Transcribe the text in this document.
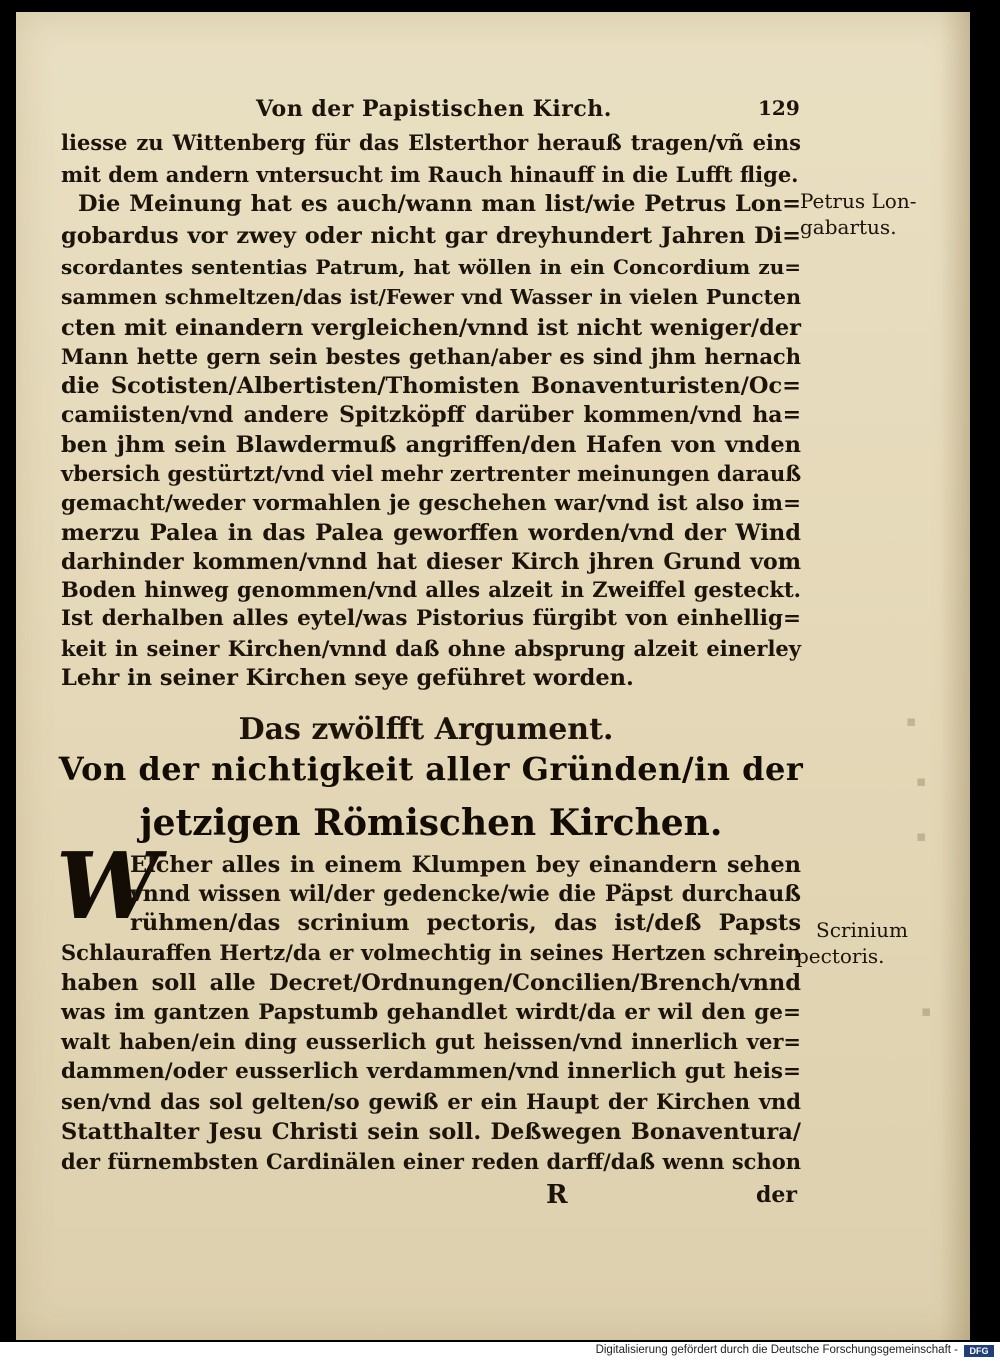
Von der Papistischen Kirch.	129
liesse zu Wittenberg für das Elsterthor herauß tragen/vñ eins
mit dem andern vntersucht im Rauch hinauff in die Lufft flige.
Die Meinung hat es auch/wann man list/wie Petrus Lon=
gobardus vor zwey oder nicht gar dreyhundert Jahren Di=
scordantes sententias Patrum, hat wöllen in ein Concordium zu=
sammen schmeltzen/das ist/Fewer vnd Wasser in vielen Puncten
cten mit einandern vergleichen/vnnd ist nicht weniger/der
Mann hette gern sein bestes gethan/aber es sind jhm hernach
die Scotisten/Albertisten/Thomisten Bonaventuristen/Oc=
camiisten/vnd andere Spitzköpff darüber kommen/vnd ha=
ben jhm sein Blawdermuß angriffen/den Hafen von vnden
vbersich gestürtzt/vnd viel mehr zertrenter meinungen darauß
gemacht/weder vormahlen je geschehen war/vnd ist also im=
merzu Palea in das Palea geworffen worden/vnd der Wind
darhinder kommen/vnnd hat dieser Kirch jhren Grund vom
Boden hinweg genommen/vnd alles alzeit in Zweiffel gesteckt.
Ist derhalben alles eytel/was Pistorius fürgibt von einhellig=
keit in seiner Kirchen/vnnd daß ohne absprung alzeit einerley
Lehr in seiner Kirchen seye geführet worden.
Das zwölfft Argument.
Von der nichtigkeit aller Gründen/in der
jetzigen Römischen Kirchen.
W
Elcher alles in einem Klumpen bey einandern sehen
vnnd wissen wil/der gedencke/wie die Päpst durchauß
rühmen/das scrinium pectoris, das ist/deß Papsts
Schlauraffen Hertz/da er volmechtig in seines Hertzen schrein
haben soll alle Decret/Ordnungen/Concilien/Brench/vnnd
was im gantzen Papstumb gehandlet wirdt/da er wil den ge=
walt haben/ein ding eusserlich gut heissen/vnd innerlich ver=
dammen/oder eusserlich verdammen/vnd innerlich gut heis=
sen/vnd das sol gelten/so gewiß er ein Haupt der Kirchen vnd
Statthalter Jesu Christi sein soll. Deßwegen Bonaventura/
der fürnembsten Cardinälen einer reden darff/daß wenn schon
R	der
Petrus Lon-
gabartus.
Scrinium
pectoris.
▪
▪
▪
▪
Digitalisierung gefördert durch die Deutsche Forschungsgemeinschaft -	DFG
